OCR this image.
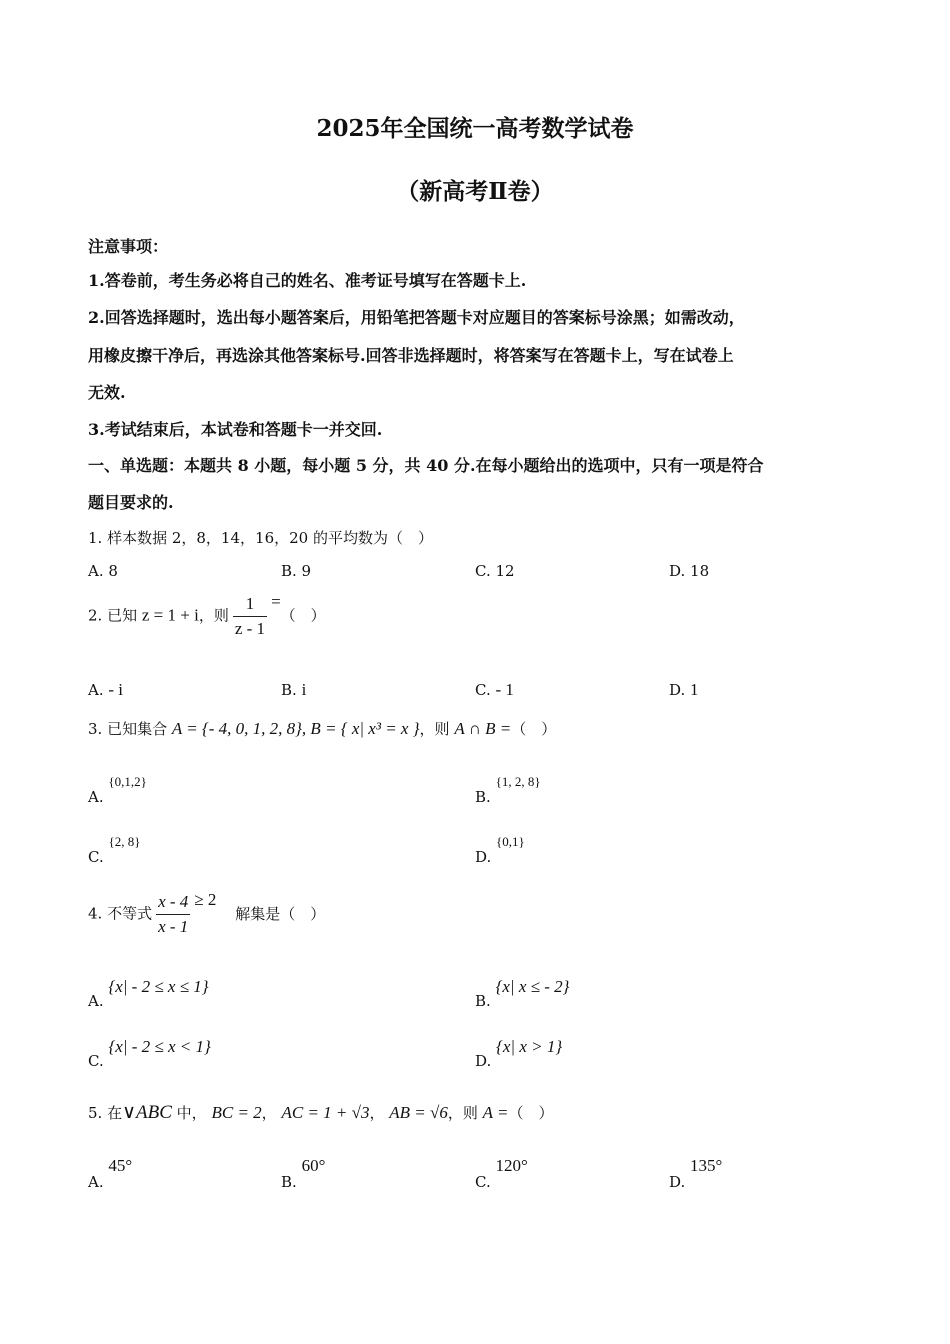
2025年全国统一高考数学试卷
（新高考Ⅱ卷）
注意事项：
1.答卷前，考生务必将自己的姓名、准考证号填写在答题卡上.
2.回答选择题时，选出每小题答案后，用铅笔把答题卡对应题目的答案标号涂黑；如需改动，
用橡皮擦干净后，再选涂其他答案标号.回答非选择题时，将答案写在答题卡上，写在试卷上
无效.
3.考试结束后，本试卷和答题卡一并交回.
一、单选题：本题共 8 小题，每小题 5 分，共 40 分.在每小题给出的选项中，只有一项是符合
题目要求的.
1. 样本数据 2，8，14，16，20 的平均数为（　）
A. 8	B. 9	C. 12	D. 18
2. 已知 z = 1 + i，则 $\frac{1}{z - 1}$ =（　）
A. - i	B. i	C. - 1	D. 1
3. 已知集合 A = {- 4, 0, 1, 2, 8}, B = { x| x³ = x }，则 A ∩ B =（　）
A. {0,1,2}
B. {1, 2, 8}
C. {2, 8}
D. {0,1}
4. 不等式 $\frac{x - 4}{x - 1} \ge 2$ 解集是（　）
A. {x| - 2 ≤ x ≤ 1}
B. {x| x ≤ - 2}
C. {x| - 2 ≤ x < 1}
D. {x| x > 1}
5. 在∨ABC 中， BC = 2， AC = 1 + √3， AB = √6，则 A =（　）
A. 45°
B. 60°
C. 120°
D. 135°
